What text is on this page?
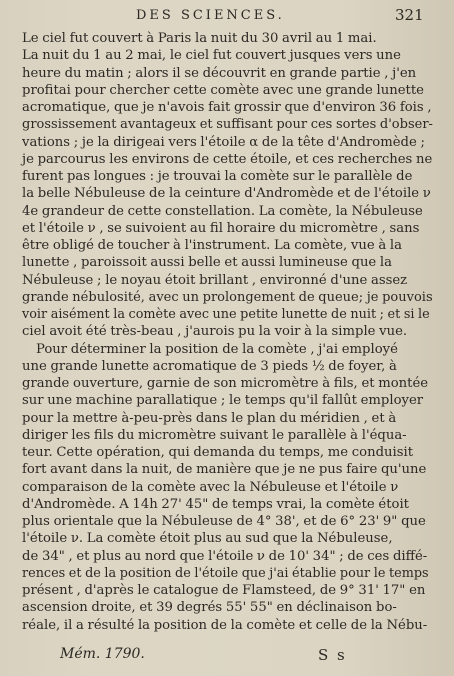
DES SCIENCES.	321
Le ciel fut couvert à Paris la nuit du 30 avril au 1 mai.
La nuit du 1 au 2 mai, le ciel fut couvert jusques vers une
heure du matin ; alors il se découvrit en grande partie , j'en
profitai pour chercher cette comète avec une grande lunette
acromatique, que je n'avois fait grossir que d'environ 36 fois ,
grossissement avantageux et suffisant pour ces sortes d'obser-
vations ; je la dirigeai vers l'étoile α de la tête d'Andromède ;
je parcourus les environs de cette étoile, et ces recherches ne
furent pas longues : je trouvai la comète sur le parallèle de
la belle Nébuleuse de la ceinture d'Andromède et de l'étoile ν
4e grandeur de cette constellation. La comète, la Nébuleuse
et l'étoile ν , se suivoient au fil horaire du micromètre , sans
être obligé de toucher à l'instrument. La comète, vue à la
lunette , paroissoit aussi belle et aussi lumineuse que la
Nébuleuse ; le noyau étoit brillant , environné d'une assez
grande nébulosité, avec un prolongement de queue; je pouvois
voir aisément la comète avec une petite lunette de nuit ; et si le
ciel avoit été très-beau , j'aurois pu la voir à la simple vue.
Pour déterminer la position de la comète , j'ai employé
une grande lunette acromatique de 3 pieds ½ de foyer, à
grande ouverture, garnie de son micromètre à fils, et montée
sur une machine parallatique ; le temps qu'il fallût employer
pour la mettre à-peu-près dans le plan du méridien , et à
diriger les fils du micromètre suivant le parallèle à l'équa-
teur. Cette opération, qui demanda du temps, me conduisit
fort avant dans la nuit, de manière que je ne pus faire qu'une
comparaison de la comète avec la Nébuleuse et l'étoile ν
d'Andromède. A 14h 27' 45" de temps vrai, la comète étoit
plus orientale que la Nébuleuse de 4° 38', et de 6° 23' 9" que
l'étoile ν. La comète étoit plus au sud que la Nébuleuse,
de 34" , et plus au nord que l'étoile ν de 10' 34" ; de ces diffé-
rences et de la position de l'étoile que j'ai établie pour le temps
présent , d'après le catalogue de Flamsteed, de 9° 31' 17" en
ascension droite, et 39 degrés 55' 55" en déclinaison bo-
réale, il a résulté la position de la comète et celle de la Nébu-
Mém. 1790.	S s
